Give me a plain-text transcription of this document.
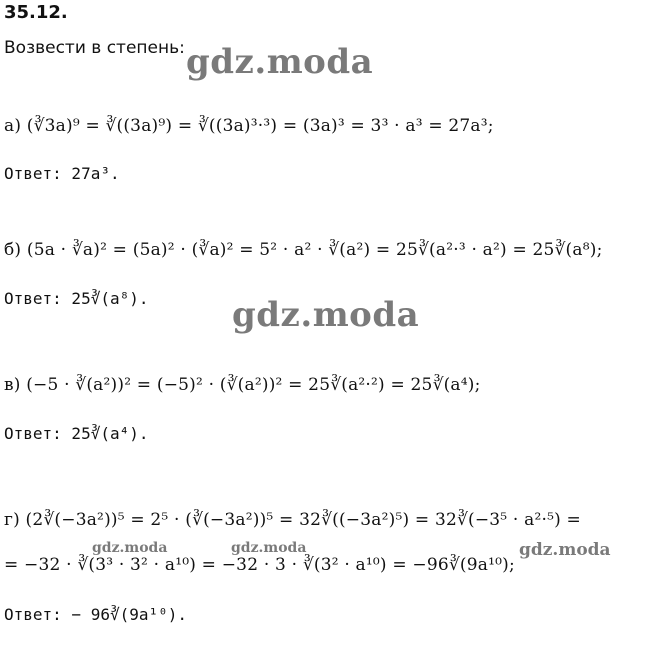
35.12.
Возвести в степень:
а) (∛3a)⁹ = ∛((3a)⁹) = ∛((3a)³·³) = (3a)³ = 3³ · a³ = 27a³;
Ответ: 27a³.
б) (5a · ∛a)² = (5a)² · (∛a)² = 5² · a² · ∛(a²) = 25∛(a²·³ · a²) = 25∛(a⁸);
Ответ: 25∛(a⁸).
в) (−5 · ∛(a²))² = (−5)² · (∛(a²))² = 25∛(a²·²) = 25∛(a⁴);
Ответ: 25∛(a⁴).
г) (2∛(−3a²))⁵ = 2⁵ · (∛(−3a²))⁵ = 32∛((−3a²)⁵) = 32∛(−3⁵ · a²·⁵) =
= −32 · ∛(3³ · 3² · a¹⁰) = −32 · 3 · ∛(3² · a¹⁰) = −96∛(9a¹⁰);
Ответ: − 96∛(9a¹⁰).
gdz.moda
gdz.moda
gdz.moda	gdz.moda	gdz.moda
